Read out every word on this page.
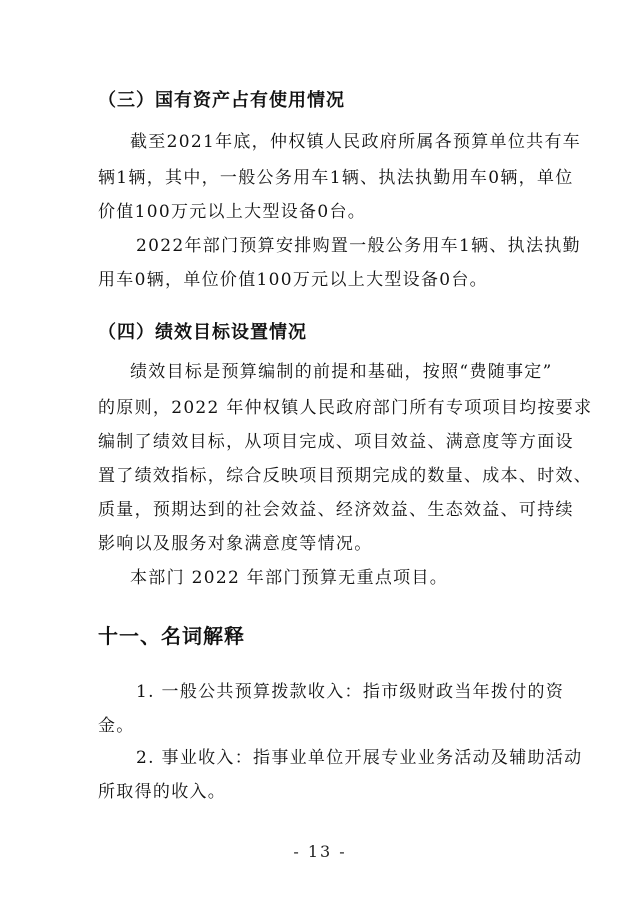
（三）国有资产占有使用情况
截至2021年底，仲权镇人民政府所属各预算单位共有车
辆1辆，其中，一般公务用车1辆、执法执勤用车0辆，单位
价值100万元以上大型设备0台。
2022年部门预算安排购置一般公务用车1辆、执法执勤
用车0辆，单位价值100万元以上大型设备0台。
（四）绩效目标设置情况
绩效目标是预算编制的前提和基础，按照“费随事定”
的原则，2022 年仲权镇人民政府部门所有专项项目均按要求
编制了绩效目标，从项目完成、项目效益、满意度等方面设
置了绩效指标，综合反映项目预期完成的数量、成本、时效、
质量，预期达到的社会效益、经济效益、生态效益、可持续
影响以及服务对象满意度等情况。
本部门 2022 年部门预算无重点项目。
十一、名词解释
1. 一般公共预算拨款收入：指市级财政当年拨付的资
金。
2. 事业收入：指事业单位开展专业业务活动及辅助活动
所取得的收入。
- 13 -
